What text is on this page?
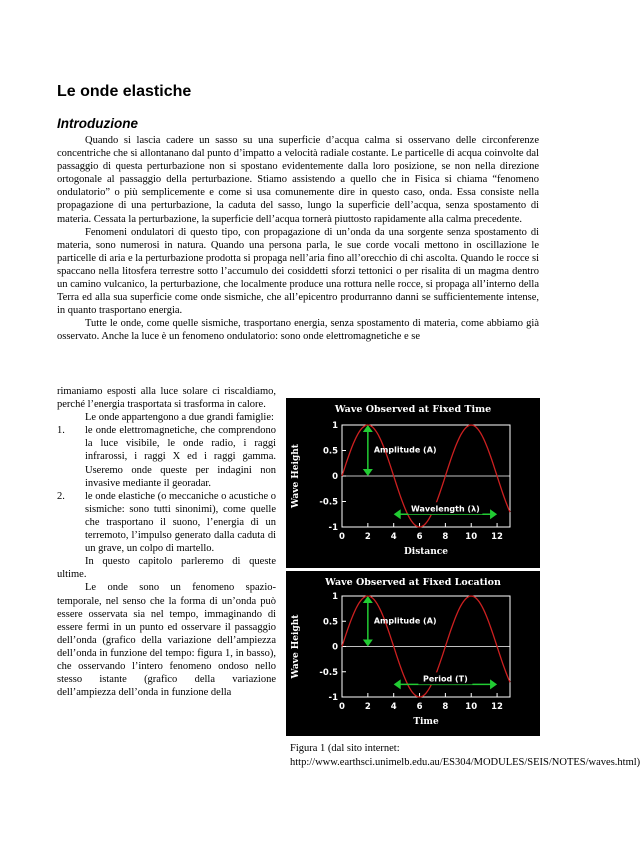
Le onde elastiche
Introduzione

Quando si lascia cadere un sasso su una superficie d’acqua calma si osservano delle circonferenze concentriche che si allontanano dal punto d’impatto a velocità radiale costante. Le particelle di acqua coinvolte dal passaggio di questa perturbazione non si spostano evidentemente dalla loro posizione, se non nella direzione ortogonale al passaggio della perturbazione. Stiamo assistendo a quello che in Fisica si chiama “fenomeno ondulatorio” o più semplicemente e come si usa comunemente dire in questo caso, onda. Essa consiste nella propagazione di una perturbazione, la caduta del sasso, lungo la superficie dell’acqua, senza spostamento di materia. Cessata la perturbazione, la superficie dell’acqua tornerà piuttosto rapidamente alla calma precedente.

Fenomeni ondulatori di questo tipo, con propagazione di un’onda da una sorgente senza spostamento di materia, sono numerosi in natura. Quando una persona parla, le sue corde vocali mettono in oscillazione le particelle di aria e la perturbazione prodotta si propaga nell’aria fino all’orecchio di chi ascolta. Quando le rocce si spaccano nella litosfera terrestre sotto l’accumulo dei cosiddetti sforzi tettonici o per risalita di un magma dentro un camino vulcanico, la perturbazione, che localmente produce una rottura nelle rocce, si propaga all’interno della Terra ed alla sua superficie come onde sismiche, che all’epicentro produrranno danni se sufficientemente intense, in quanto trasportano energia.

Tutte le onde, come quelle sismiche, trasportano energia, senza spostamento di materia, come abbiamo già osservato. Anche la luce è un fenomeno ondulatorio: sono onde elettromagnetiche e se

rimaniamo esposti alla luce solare ci riscaldiamo, perché l’energia trasportata si trasforma in calore.

Le onde appartengono a due grandi famiglie:

1. le onde elettromagnetiche, che comprendono la luce visibile, le onde radio, i raggi infrarossi, i raggi X ed i raggi gamma. Useremo onde queste per indagini non invasive mediante il georadar.
2. le onde elastiche (o meccaniche o acustiche o sismiche: sono tutti sinonimi), come quelle che trasportano il suono, l’energia di un terremoto, l’impulso generato dalla caduta di un grave, un colpo di martello.

In questo capitolo parleremo di queste ultime.

Le onde sono un fenomeno spazio-temporale, nel senso che la forma di un’onda può essere osservata sia nel tempo, immaginando di essere fermi in un punto ed osservare il passaggio dell’onda (grafico della variazione dell’ampiezza dell’onda in funzione del tempo: figura 1, in basso), che osservando l’intero fenomeno ondoso nello stesso istante (grafico della variazione dell’ampiezza dell’onda in funzione della

Wave Observed at Fixed Time
1
0.5
0
-0.5
-1
0 2 4 6 8 10 12
Distance
Wave Height	Amplitude (A)
Wavelength (λ)
Wave Observed at Fixed Location
1
0.5
0
-0.5
-1
0 2 4 6 8 10 12
Time
Wave Height	Amplitude (A)
Period (T)
Figura 1 (dal sito internet: http://www.earthsci.unimelb.edu.au/ES304/MODULES/SEIS/NOTES/waves.html)
